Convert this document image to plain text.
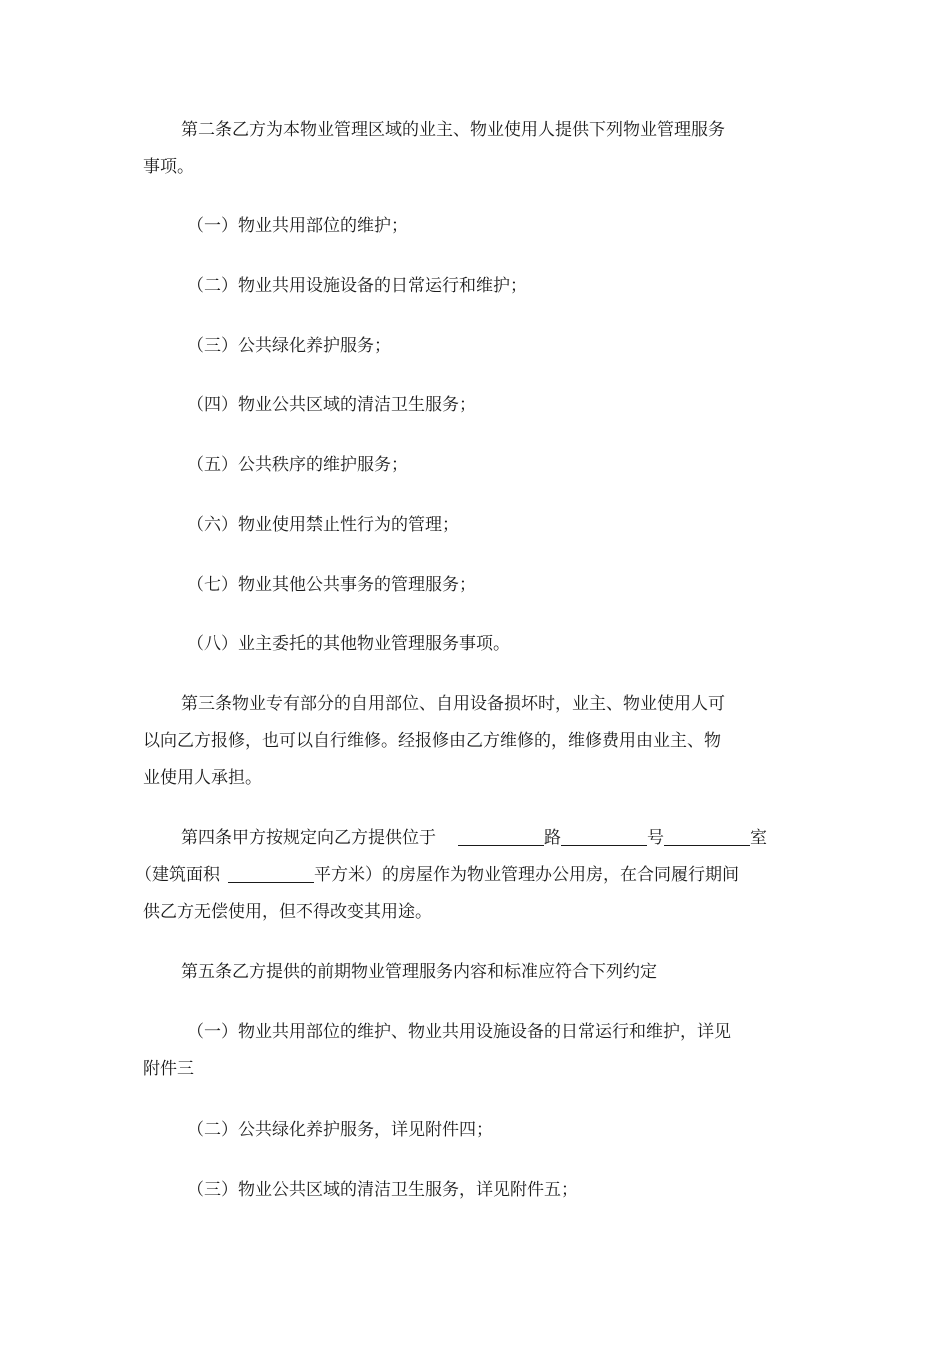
第二条乙方为本物业管理区域的业主、物业使用人提供下列物业管理服务
事项。
（一）物业共用部位的维护；
（二）物业共用设施设备的日常运行和维护；
（三）公共绿化养护服务；
（四）物业公共区域的清洁卫生服务；
（五）公共秩序的维护服务；
（六）物业使用禁止性行为的管理；
（七）物业其他公共事务的管理服务；
（八）业主委托的其他物业管理服务事项。
第三条物业专有部分的自用部位、自用设备损坏时，业主、物业使用人可
以向乙方报修，也可以自行维修。经报修由乙方维修的，维修费用由业主、物
业使用人承担。
第四条甲方按规定向乙方提供位于	路	号	室
（建筑面积	平方米）的房屋作为物业管理办公用房，在合同履行期间
供乙方无偿使用，但不得改变其用途。
第五条乙方提供的前期物业管理服务内容和标准应符合下列约定
（一）物业共用部位的维护、物业共用设施设备的日常运行和维护，详见
附件三
（二）公共绿化养护服务，详见附件四；
（三）物业公共区域的清洁卫生服务，详见附件五；
